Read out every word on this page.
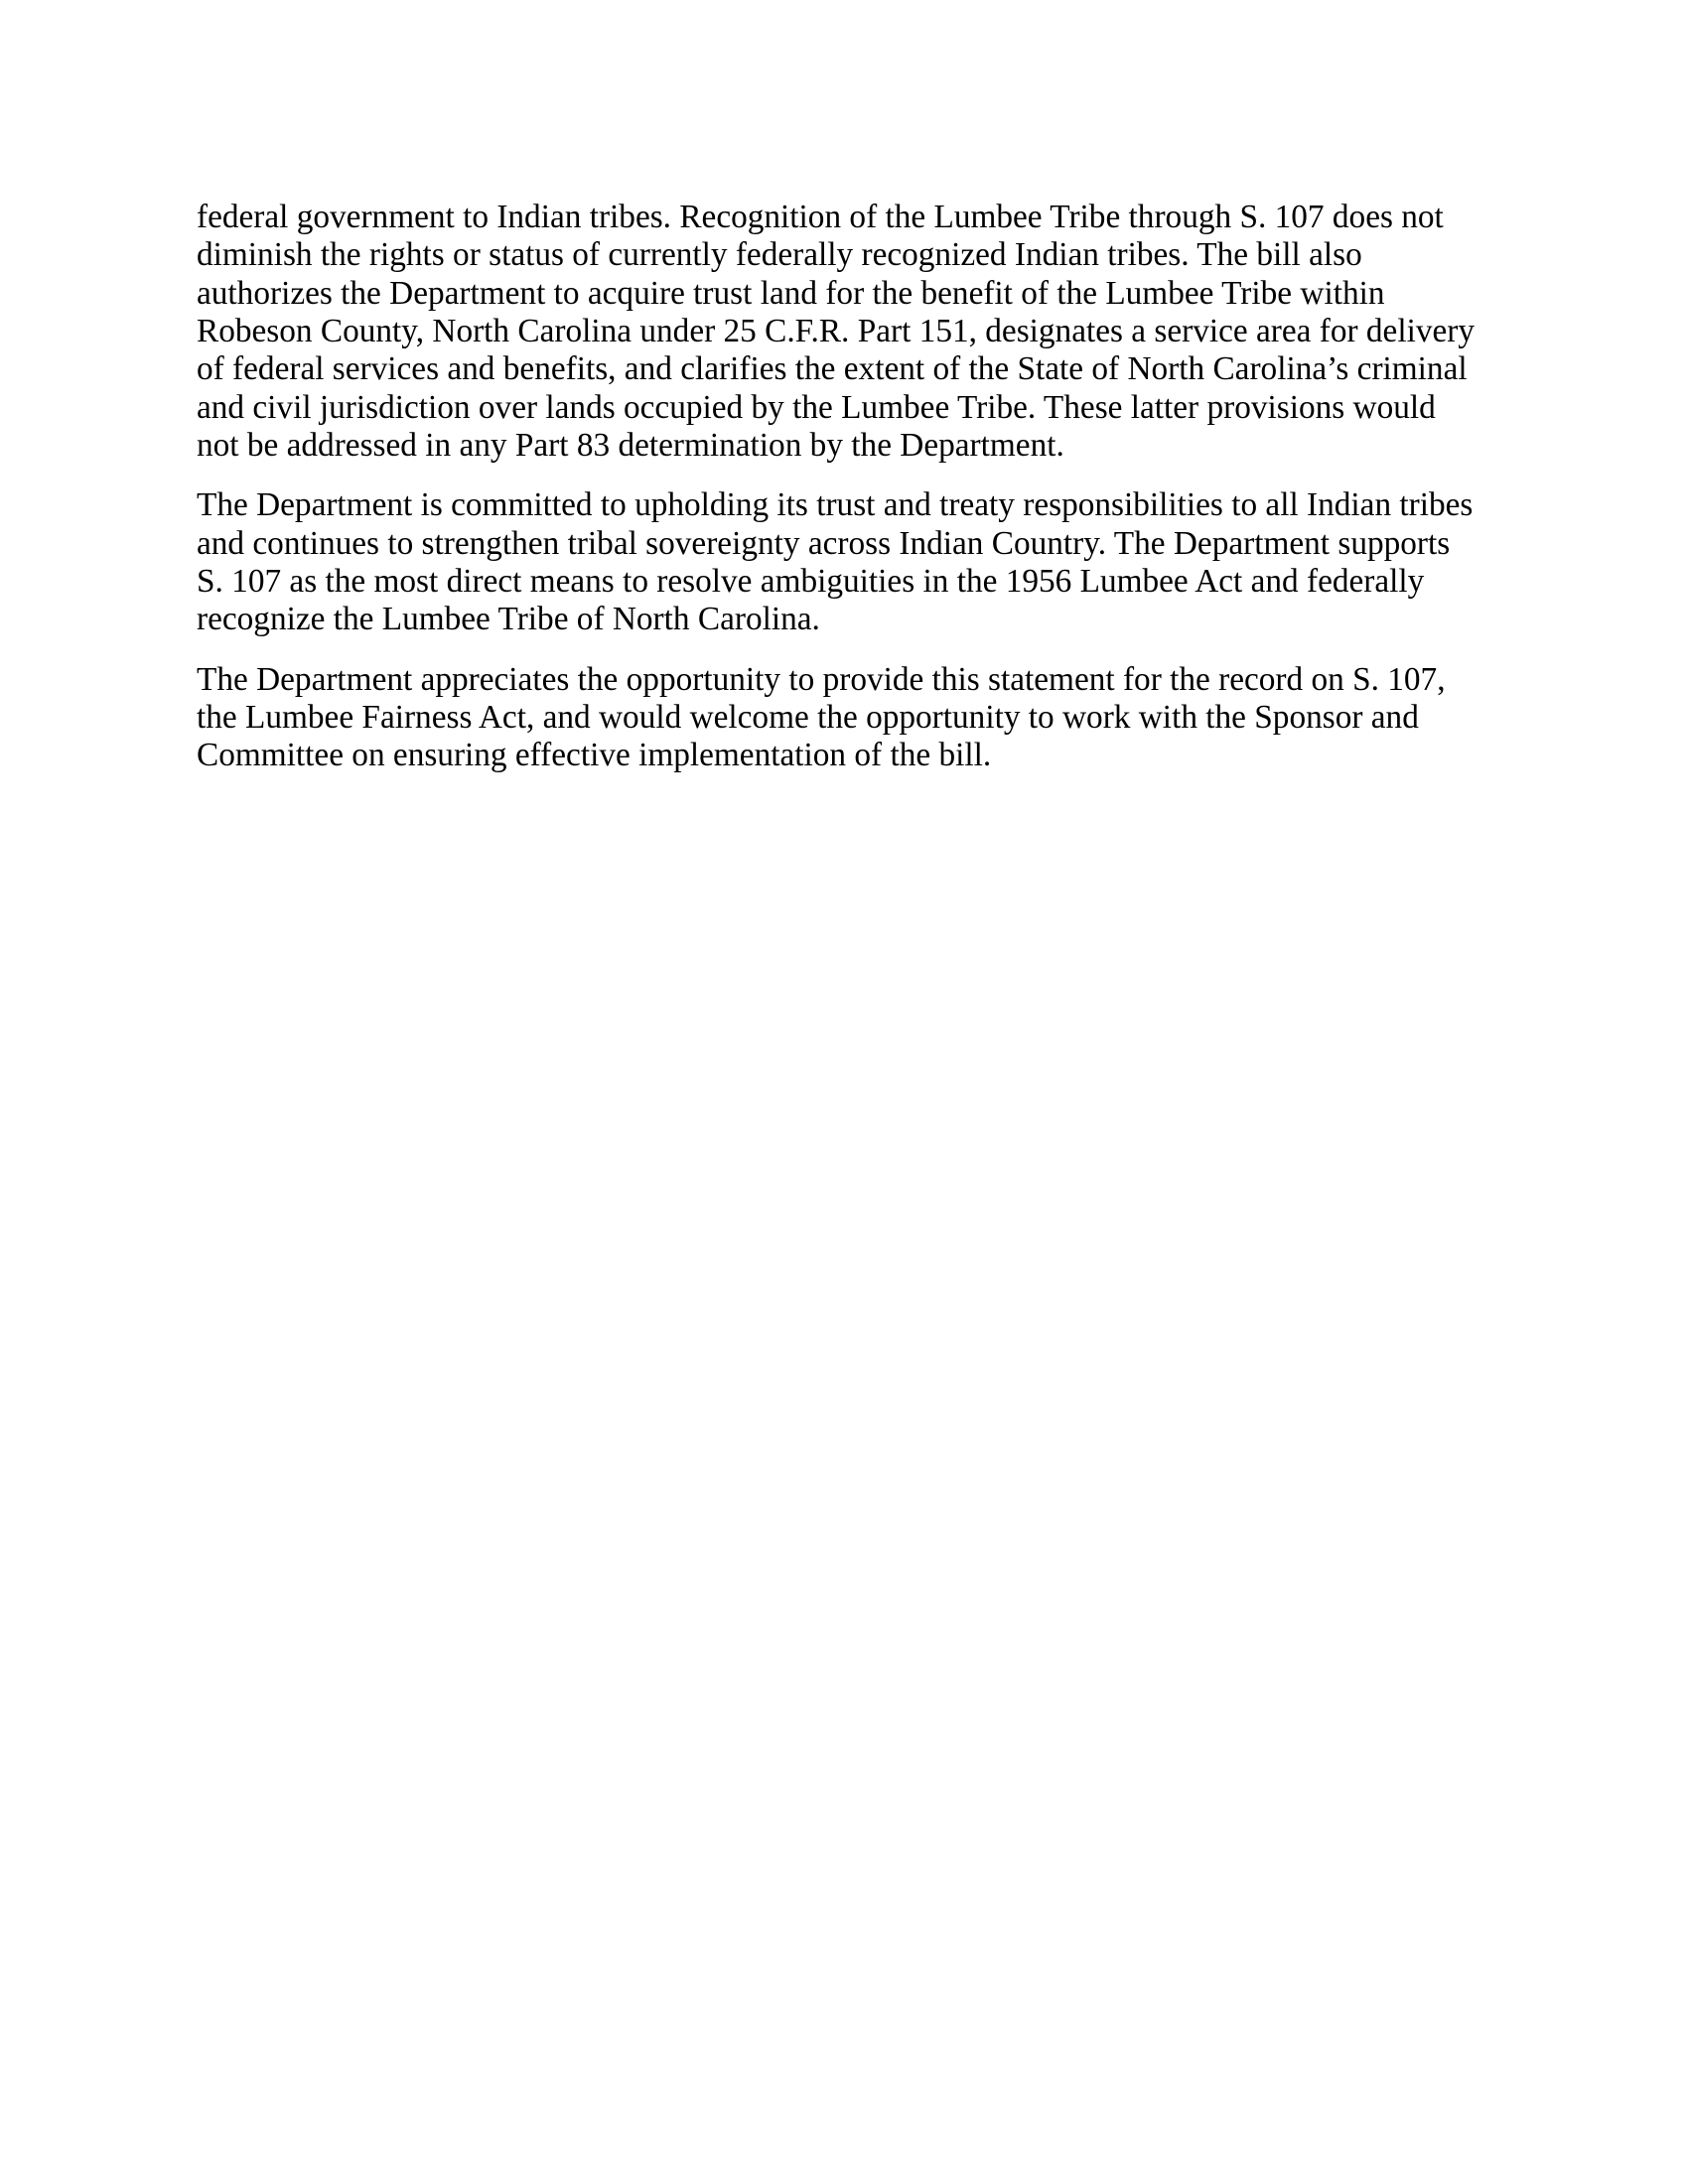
federal government to Indian tribes. Recognition of the Lumbee Tribe through S. 107 does not
diminish the rights or status of currently federally recognized Indian tribes. The bill also
authorizes the Department to acquire trust land for the benefit of the Lumbee Tribe within
Robeson County, North Carolina under 25 C.F.R. Part 151, designates a service area for delivery
of federal services and benefits, and clarifies the extent of the State of North Carolina’s criminal
and civil jurisdiction over lands occupied by the Lumbee Tribe. These latter provisions would
not be addressed in any Part 83 determination by the Department.

The Department is committed to upholding its trust and treaty responsibilities to all Indian tribes
and continues to strengthen tribal sovereignty across Indian Country. The Department supports
S. 107 as the most direct means to resolve ambiguities in the 1956 Lumbee Act and federally
recognize the Lumbee Tribe of North Carolina.

The Department appreciates the opportunity to provide this statement for the record on S. 107,
the Lumbee Fairness Act, and would welcome the opportunity to work with the Sponsor and
Committee on ensuring effective implementation of the bill.
